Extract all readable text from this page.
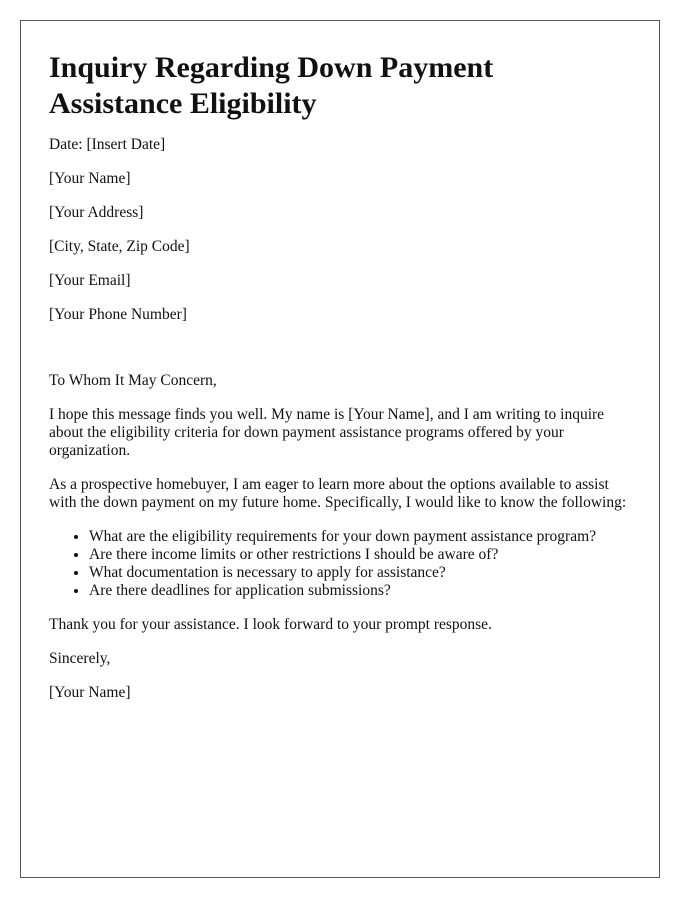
Inquiry Regarding Down Payment Assistance Eligibility

Date: [Insert Date]

[Your Name]

[Your Address]

[City, State, Zip Code]

[Your Email]

[Your Phone Number]

To Whom It May Concern,

I hope this message finds you well. My name is [Your Name], and I am writing to inquire about the eligibility criteria for down payment assistance programs offered by your organization.

As a prospective homebuyer, I am eager to learn more about the options available to assist with the down payment on my future home. Specifically, I would like to know the following:

• What are the eligibility requirements for your down payment assistance program?
• Are there income limits or other restrictions I should be aware of?
• What documentation is necessary to apply for assistance?
• Are there deadlines for application submissions?

Thank you for your assistance. I look forward to your prompt response.

Sincerely,

[Your Name]
